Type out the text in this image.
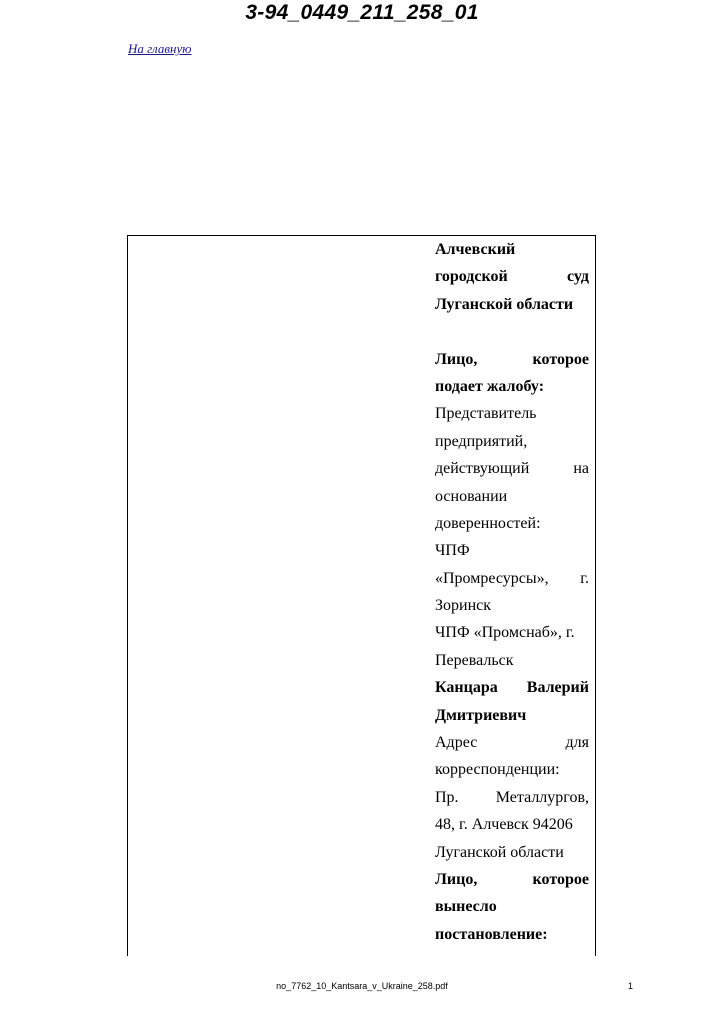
3-94_0449_211_258_01
На главную
Алчевский
городской	суд
Луганской области
Лицо,	которое
подает жалобу:
Представитель
предприятий,
действующий	на
основании
доверенностей:
ЧПФ
«Промресурсы», г.
Зоринск
ЧПФ «Промснаб», г.
Перевальск
Канцара Валерий
Дмитриевич
Адрес	для
корреспонденции:
Пр. Металлургов,
48, г. Алчевск 94206
Луганской области
Лицо,	которое
вынесло
постановление:
no_7762_10_Kantsara_v_Ukraine_258.pdf	1
